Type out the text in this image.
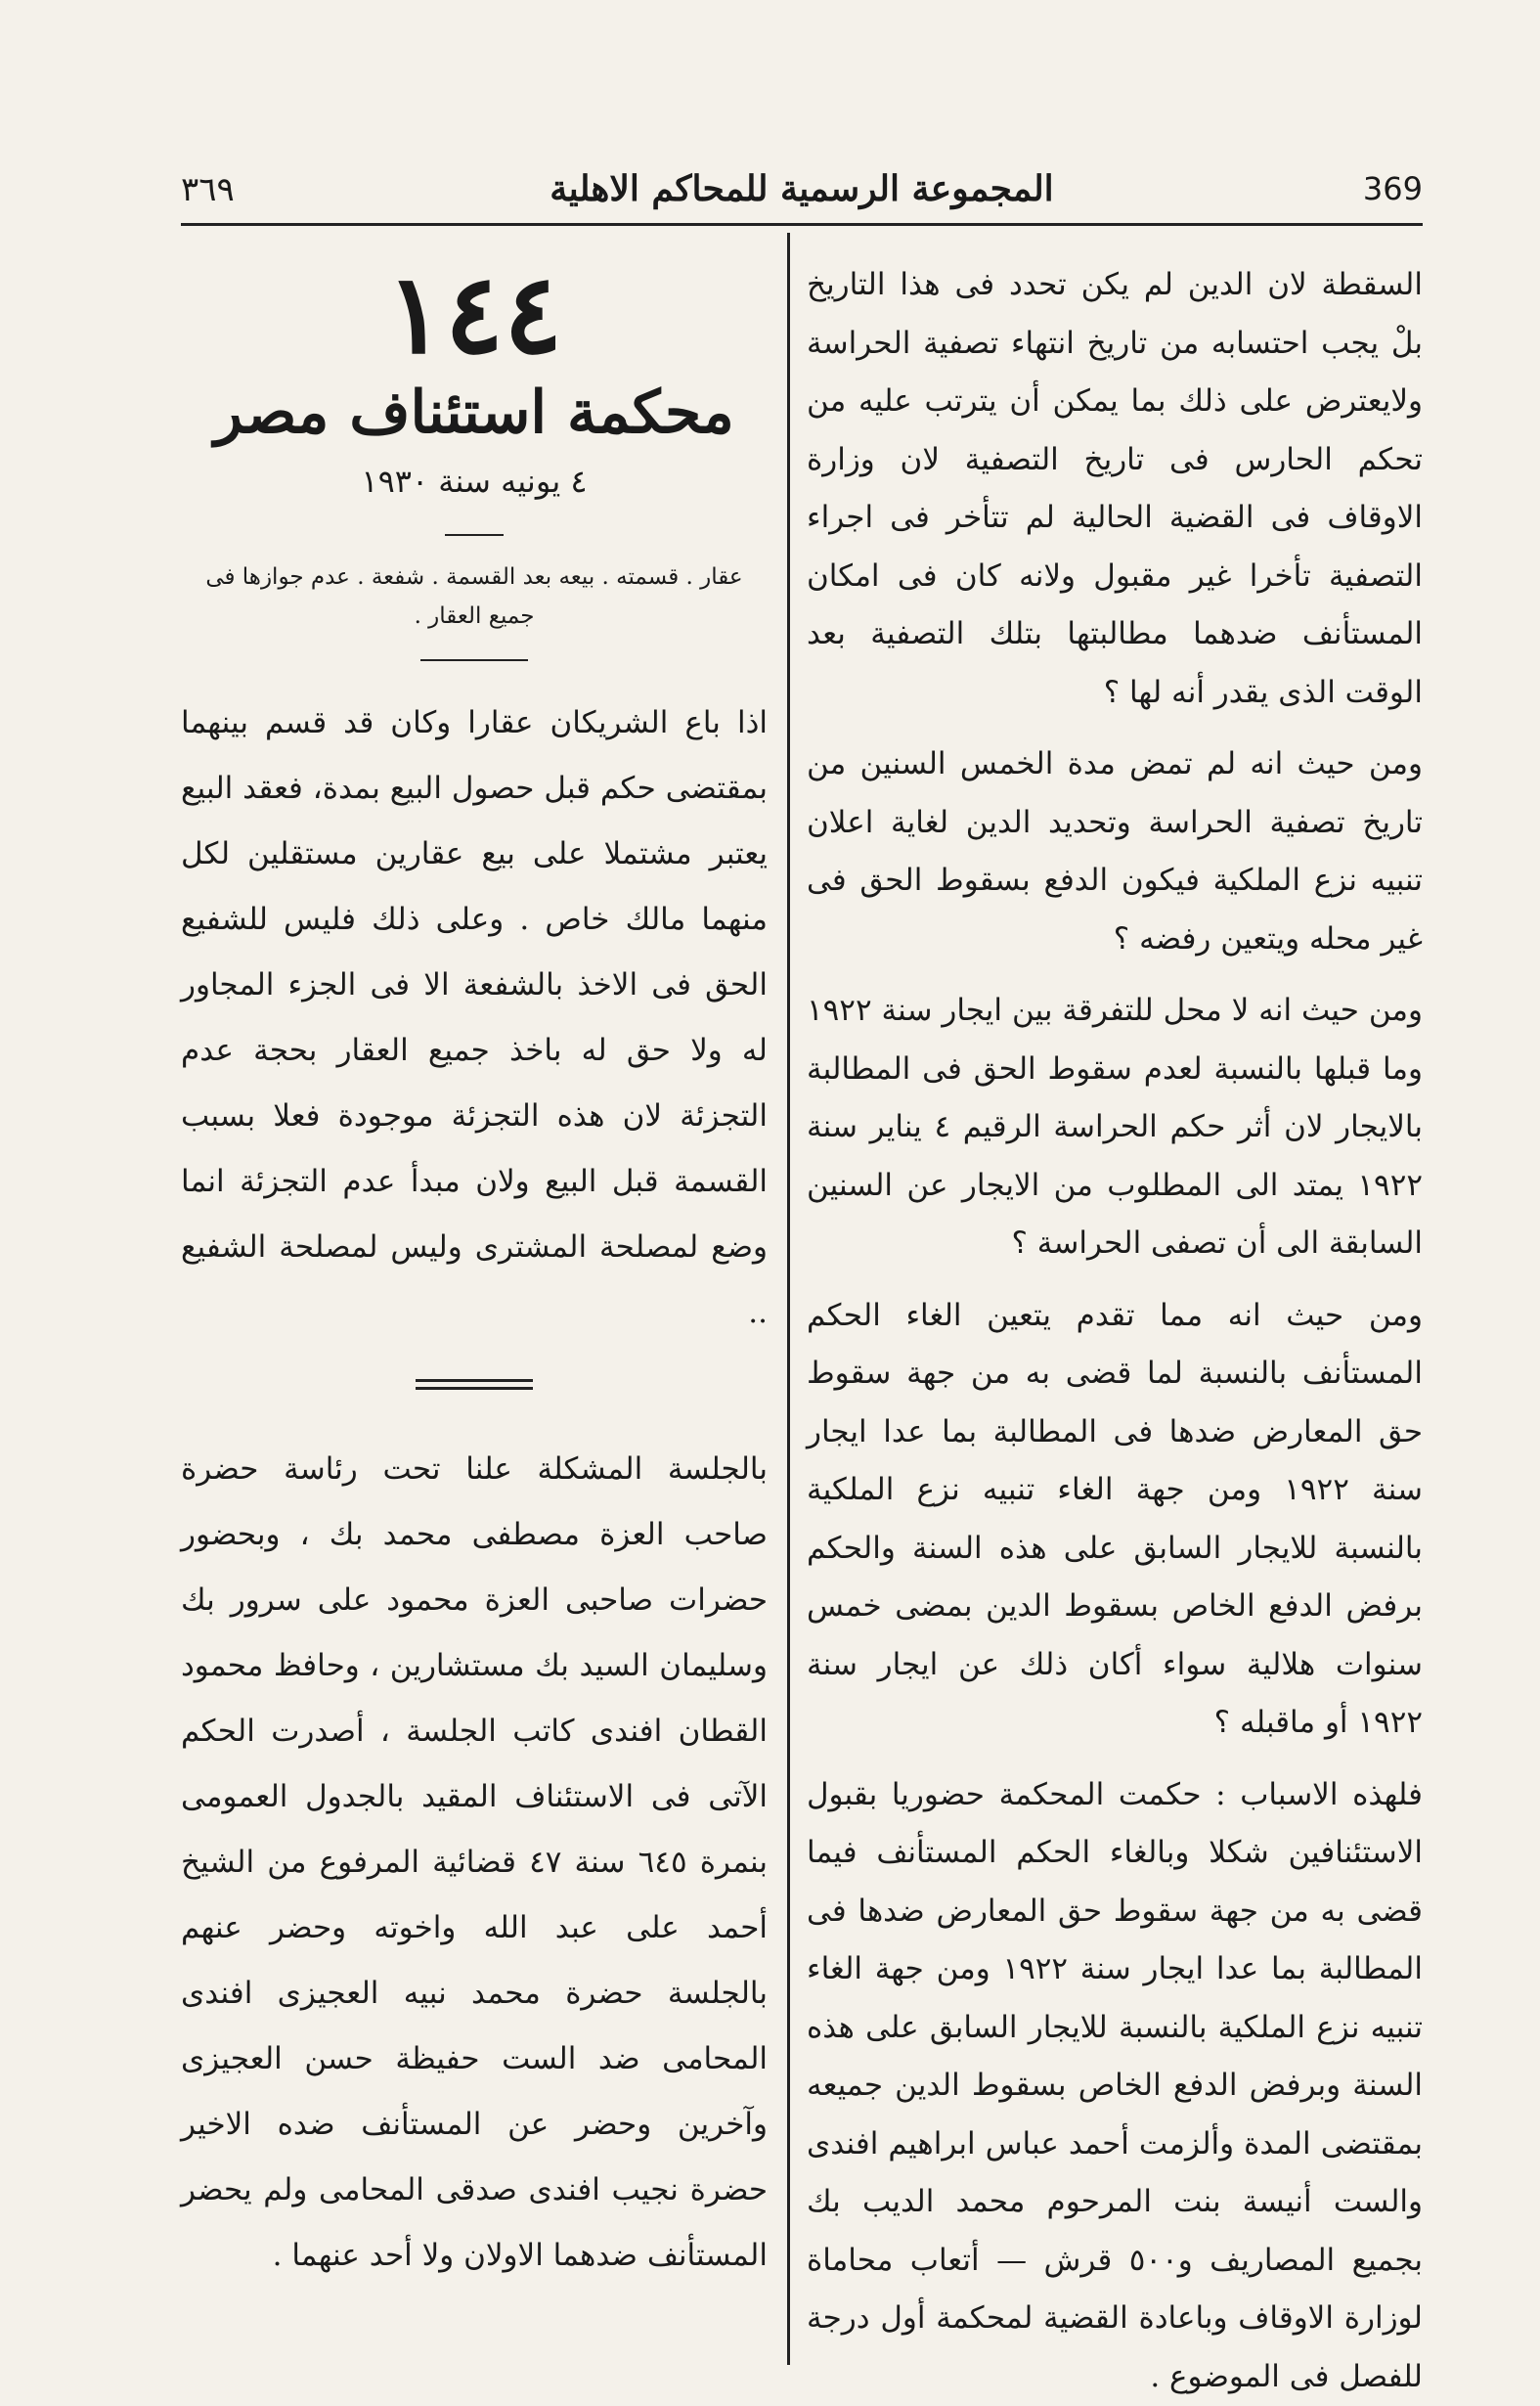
٣٦٩	المجموعة الرسمية للمحاكم الاهلية	369

السقطة لان الدين لم يكن تحدد فى هذا التاريخ بلْ يجب احتسابه من تاريخ انتهاء تصفية الحراسة ولايعترض على ذلك بما يمكن أن يترتب عليه من تحكم الحارس فى تاريخ التصفية لان وزارة الاوقاف فى القضية الحالية لم تتأخر فى اجراء التصفية تأخرا غير مقبول ولانه كان فى امكان المستأنف ضدهما مطالبتها بتلك التصفية بعد الوقت الذى يقدر أنه لها ؟

ومن حيث انه لم تمض مدة الخمس السنين من تاريخ تصفية الحراسة وتحديد الدين لغاية اعلان تنبيه نزع الملكية فيكون الدفع بسقوط الحق فى غير محله ويتعين رفضه ؟

ومن حيث انه لا محل للتفرقة بين ايجار سنة ١٩٢٢ وما قبلها بالنسبة لعدم سقوط الحق فى المطالبة بالايجار لان أثر حكم الحراسة الرقيم ٤ يناير سنة ١٩٢٢ يمتد الى المطلوب من الايجار عن السنين السابقة الى أن تصفى الحراسة ؟

ومن حيث انه مما تقدم يتعين الغاء الحكم المستأنف بالنسبة لما قضى به من جهة سقوط حق المعارض ضدها فى المطالبة بما عدا ايجار سنة ١٩٢٢ ومن جهة الغاء تنبيه نزع الملكية بالنسبة للايجار السابق على هذه السنة والحكم برفض الدفع الخاص بسقوط الدين بمضى خمس سنوات هلالية سواء أكان ذلك عن ايجار سنة ١٩٢٢ أو ماقبله ؟

فلهذه الاسباب : حكمت المحكمة حضوريا بقبول الاستئنافين شكلا وبالغاء الحكم المستأنف فيما قضى به من جهة سقوط حق المعارض ضدها فى المطالبة بما عدا ايجار سنة ١٩٢٢ ومن جهة الغاء تنبيه نزع الملكية بالنسبة للايجار السابق على هذه السنة وبرفض الدفع الخاص بسقوط الدين جميعه بمقتضى المدة وألزمت أحمد عباس ابراهيم افندى والست أنيسة بنت المرحوم محمد الديب بك بجميع المصاريف و٥٠٠ قرش — أتعاب محاماة لوزارة الاوقاف وباعادة القضية لمحكمة أول درجة للفصل فى الموضوع .

١٤٤

محكمة استئناف مصر

٤ يونيه سنة ١٩٣٠

عقار . قسمته . بيعه بعد القسمة . شفعة . عدم جوازها فى جميع العقار .

اذا باع الشريكان عقارا وكان قد قسم بينهما بمقتضى حكم قبل حصول البيع بمدة، فعقد البيع يعتبر مشتملا على بيع عقارين مستقلين لكل منهما مالك خاص . وعلى ذلك فليس للشفيع الحق فى الاخذ بالشفعة الا فى الجزء المجاور له ولا حق له باخذ جميع العقار بحجة عدم التجزئة لان هذه التجزئة موجودة فعلا بسبب القسمة قبل البيع ولان مبدأ عدم التجزئة انما وضع لمصلحة المشترى وليس لمصلحة الشفيع ..

بالجلسة المشكلة علنا تحت رئاسة حضرة صاحب العزة مصطفى محمد بك ، وبحضور حضرات صاحبى العزة محمود على سرور بك وسليمان السيد بك مستشارين ، وحافظ محمود القطان افندى كاتب الجلسة ، أصدرت الحكم الآتى فى الاستئناف المقيد بالجدول العمومى بنمرة ٦٤٥ سنة ٤٧ قضائية المرفوع من الشيخ أحمد على عبد الله واخوته وحضر عنهم بالجلسة حضرة محمد نبيه العجيزى افندى المحامى ضد الست حفيظة حسن العجيزى وآخرين وحضر عن المستأنف ضده الاخير حضرة نجيب افندى صدقى المحامى ولم يحضر المستأنف ضدهما الاولان ولا أحد عنهما .
